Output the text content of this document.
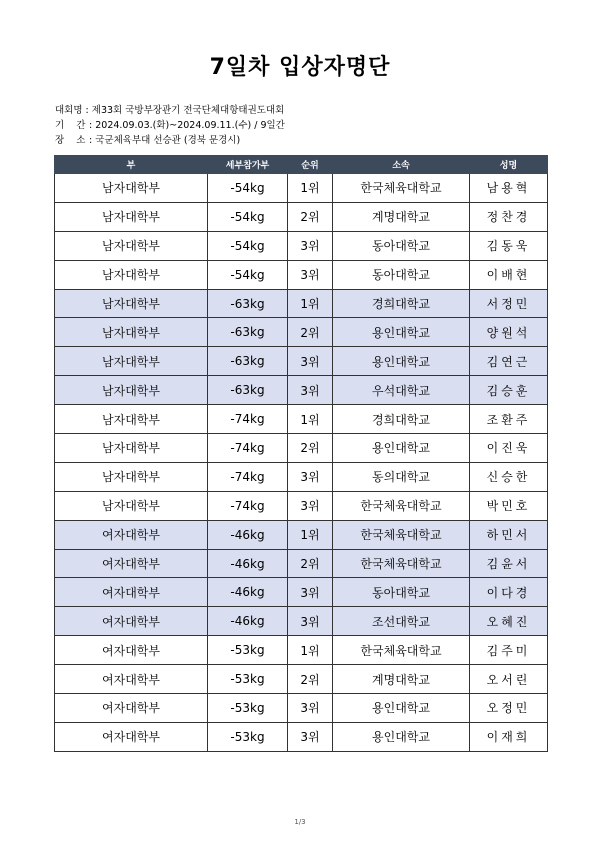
7일차 입상자명단
대회명 : 제33회 국방부장관기 전국단체대항태권도대회
기    간 : 2024.09.03.(화)~2024.09.11.(수) / 9일간
장    소 : 국군체육부대 선승관 (경북 문경시)
부	세부참가부	순위	소속	성명
남자대학부	-54kg	1위	한국체육대학교	남용혁
남자대학부	-54kg	2위	계명대학교	정찬경
남자대학부	-54kg	3위	동아대학교	김동욱
남자대학부	-54kg	3위	동아대학교	이배현
남자대학부	-63kg	1위	경희대학교	서정민
남자대학부	-63kg	2위	용인대학교	양원석
남자대학부	-63kg	3위	용인대학교	김연근
남자대학부	-63kg	3위	우석대학교	김승훈
남자대학부	-74kg	1위	경희대학교	조환주
남자대학부	-74kg	2위	용인대학교	이진욱
남자대학부	-74kg	3위	동의대학교	신승한
남자대학부	-74kg	3위	한국체육대학교	박민호
여자대학부	-46kg	1위	한국체육대학교	하민서
여자대학부	-46kg	2위	한국체육대학교	김윤서
여자대학부	-46kg	3위	동아대학교	이다경
여자대학부	-46kg	3위	조선대학교	오혜진
여자대학부	-53kg	1위	한국체육대학교	김주미
여자대학부	-53kg	2위	계명대학교	오서린
여자대학부	-53kg	3위	용인대학교	오정민
여자대학부	-53kg	3위	용인대학교	이재희
1/3
